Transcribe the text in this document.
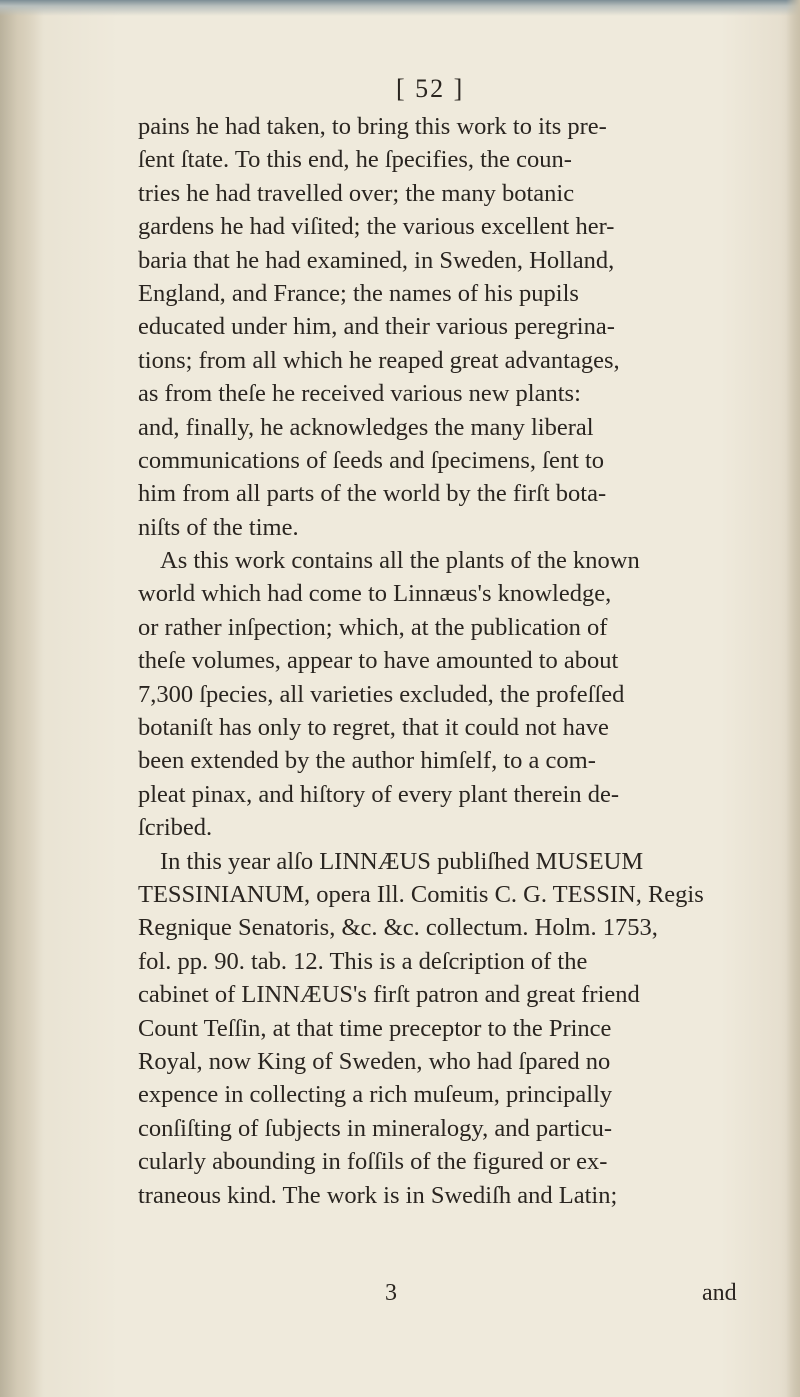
[ 52 ]
pains he had taken, to bring this work to its pre-
ſent ſtate. To this end, he ſpecifies, the coun-
tries he had travelled over; the many botanic
gardens he had viſited; the various excellent her-
baria that he had examined, in Sweden, Holland,
England, and France; the names of his pupils
educated under him, and their various peregrina-
tions; from all which he reaped great advantages,
as from theſe he received various new plants:
and, finally, he acknowledges the many liberal
communications of ſeeds and ſpecimens, ſent to
him from all parts of the world by the firſt bota-
niſts of the time.
As this work contains all the plants of the known
world which had come to Linnæus's knowledge,
or rather inſpection; which, at the publication of
theſe volumes, appear to have amounted to about
7,300 ſpecies, all varieties excluded, the profeſſed
botaniſt has only to regret, that it could not have
been extended by the author himſelf, to a com-
pleat pinax, and hiſtory of every plant therein de-
ſcribed.
In this year alſo LINNÆUS publiſhed MUSEUM
TESSINIANUM, opera Ill. Comitis C. G. TESSIN, Regis
Regnique Senatoris, &c. &c. collectum. Holm. 1753,
fol. pp. 90. tab. 12. This is a deſcription of the
cabinet of LINNÆUS's firſt patron and great friend
Count Teſſin, at that time preceptor to the Prince
Royal, now King of Sweden, who had ſpared no
expence in collecting a rich muſeum, principally
conſiſting of ſubjects in mineralogy, and particu-
cularly abounding in foſſils of the figured or ex-
traneous kind. The work is in Swediſh and Latin;
3	and
